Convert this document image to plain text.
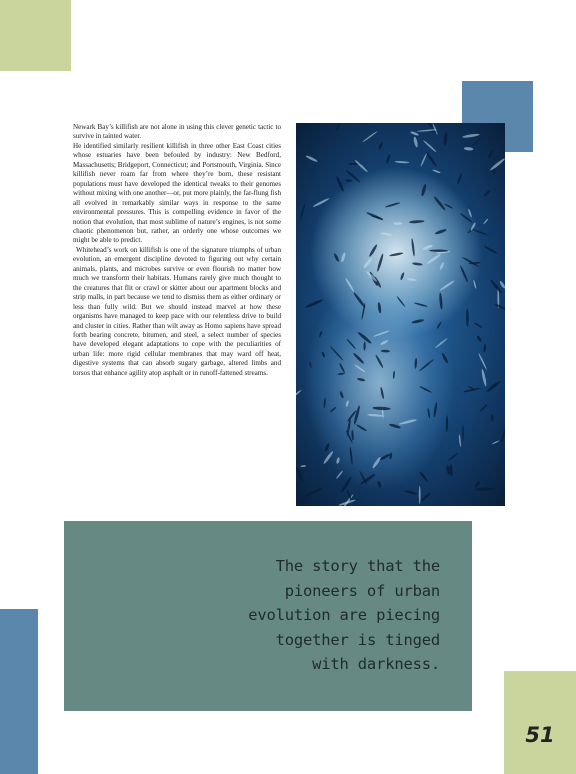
Newark Bay’s killifish are not alone in using this clever genetic tactic to survive in tainted water.

He identified similarly resilient killifish in three other East Coast cities whose estuaries have been befouled by industry: New Bedford, Massachusetts; Bridgeport, Connecticut; and Portsmouth, Virginia. Since killifish never roam far from where they’re born, these resistant populations must have developed the identical tweaks to their genomes without mixing with one another—or, put more plainly, the far-flung fish all evolved in remarkably similar ways in response to the same environmental pressures. This is compelling evidence in favor of the notion that evolution, that most sublime of nature’s engines, is not some chaotic phenomenon but, rather, an orderly one whose outcomes we might be able to predict.

Whitehead’s work on killifish is one of the signature triumphs of urban evolution, an emergent discipline devoted to figuring out why certain animals, plants, and microbes survive or even flourish no matter how much we transform their habitats. Humans rarely give much thought to the creatures that flit or crawl or skitter about our apartment blocks and strip malls, in part because we tend to dismiss them as either ordinary or less than fully wild. But we should instead marvel at how these organisms have managed to keep pace with our relentless drive to build and cluster in cities. Rather than wilt away as Homo sapiens have spread forth bearing concrete, bitumen, and steel, a select number of species have developed elegant adaptations to cope with the peculiarities of urban life: more rigid cellular membranes that may ward off heat, digestive systems that can absorb sugary garbage, altered limbs and torsos that enhance agility atop asphalt or in runoff-fattened streams.

The story that the
pioneers of urban
evolution are piecing
together is tinged
with darkness.
51
